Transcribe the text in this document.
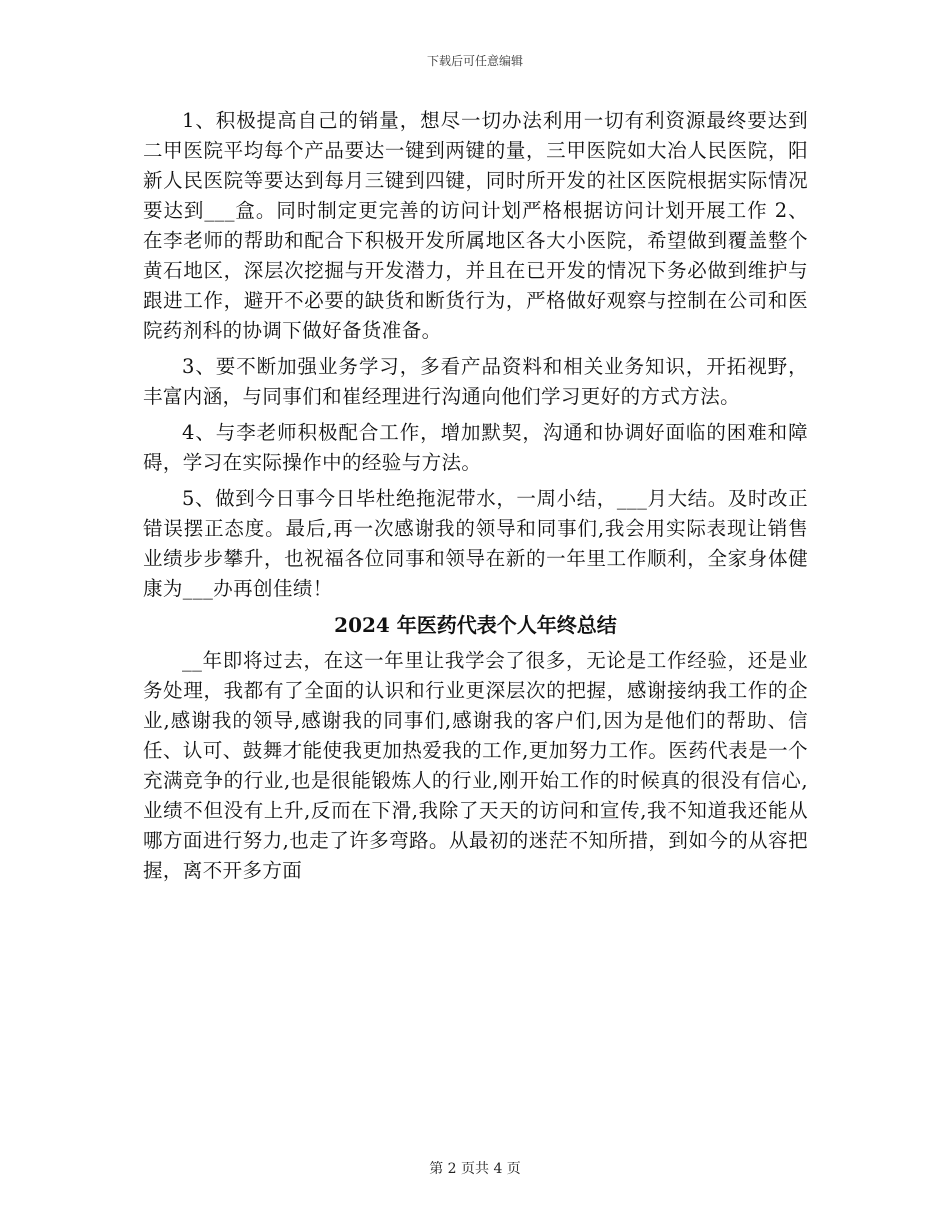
下载后可任意编辑

1、积极提高自己的销量，想尽一切办法利用一切有利资源最终要达到二甲医院平均每个产品要达一键到两键的量，三甲医院如大冶人民医院，阳新人民医院等要达到每月三键到四键，同时所开发的社区医院根据实际情况要达到___盒。同时制定更完善的访问计划严格根据访问计划开展工作 2、在李老师的帮助和配合下积极开发所属地区各大小医院，希望做到覆盖整个黄石地区，深层次挖掘与开发潜力，并且在已开发的情况下务必做到维护与跟进工作，避开不必要的缺货和断货行为，严格做好观察与控制在公司和医院药剂科的协调下做好备货准备。

3、要不断加强业务学习，多看产品资料和相关业务知识，开拓视野，丰富内涵，与同事们和崔经理进行沟通向他们学习更好的方式方法。

4、与李老师积极配合工作，增加默契，沟通和协调好面临的困难和障碍，学习在实际操作中的经验与方法。

5、做到今日事今日毕杜绝拖泥带水，一周小结，___月大结。及时改正错误摆正态度。最后,再一次感谢我的领导和同事们,我会用实际表现让销售业绩步步攀升，也祝福各位同事和领导在新的一年里工作顺利，全家身体健康为___办再创佳绩！

2024 年医药代表个人年终总结

__年即将过去，在这一年里让我学会了很多，无论是工作经验，还是业务处理，我都有了全面的认识和行业更深层次的把握，感谢接纳我工作的企业,感谢我的领导,感谢我的同事们,感谢我的客户们,因为是他们的帮助、信任、认可、鼓舞才能使我更加热爱我的工作,更加努力工作。医药代表是一个充满竞争的行业,也是很能锻炼人的行业,刚开始工作的时候真的很没有信心,业绩不但没有上升,反而在下滑,我除了天天的访问和宣传,我不知道我还能从哪方面进行努力,也走了许多弯路。从最初的迷茫不知所措，到如今的从容把握，离不开多方面

第 2 页共 4 页
